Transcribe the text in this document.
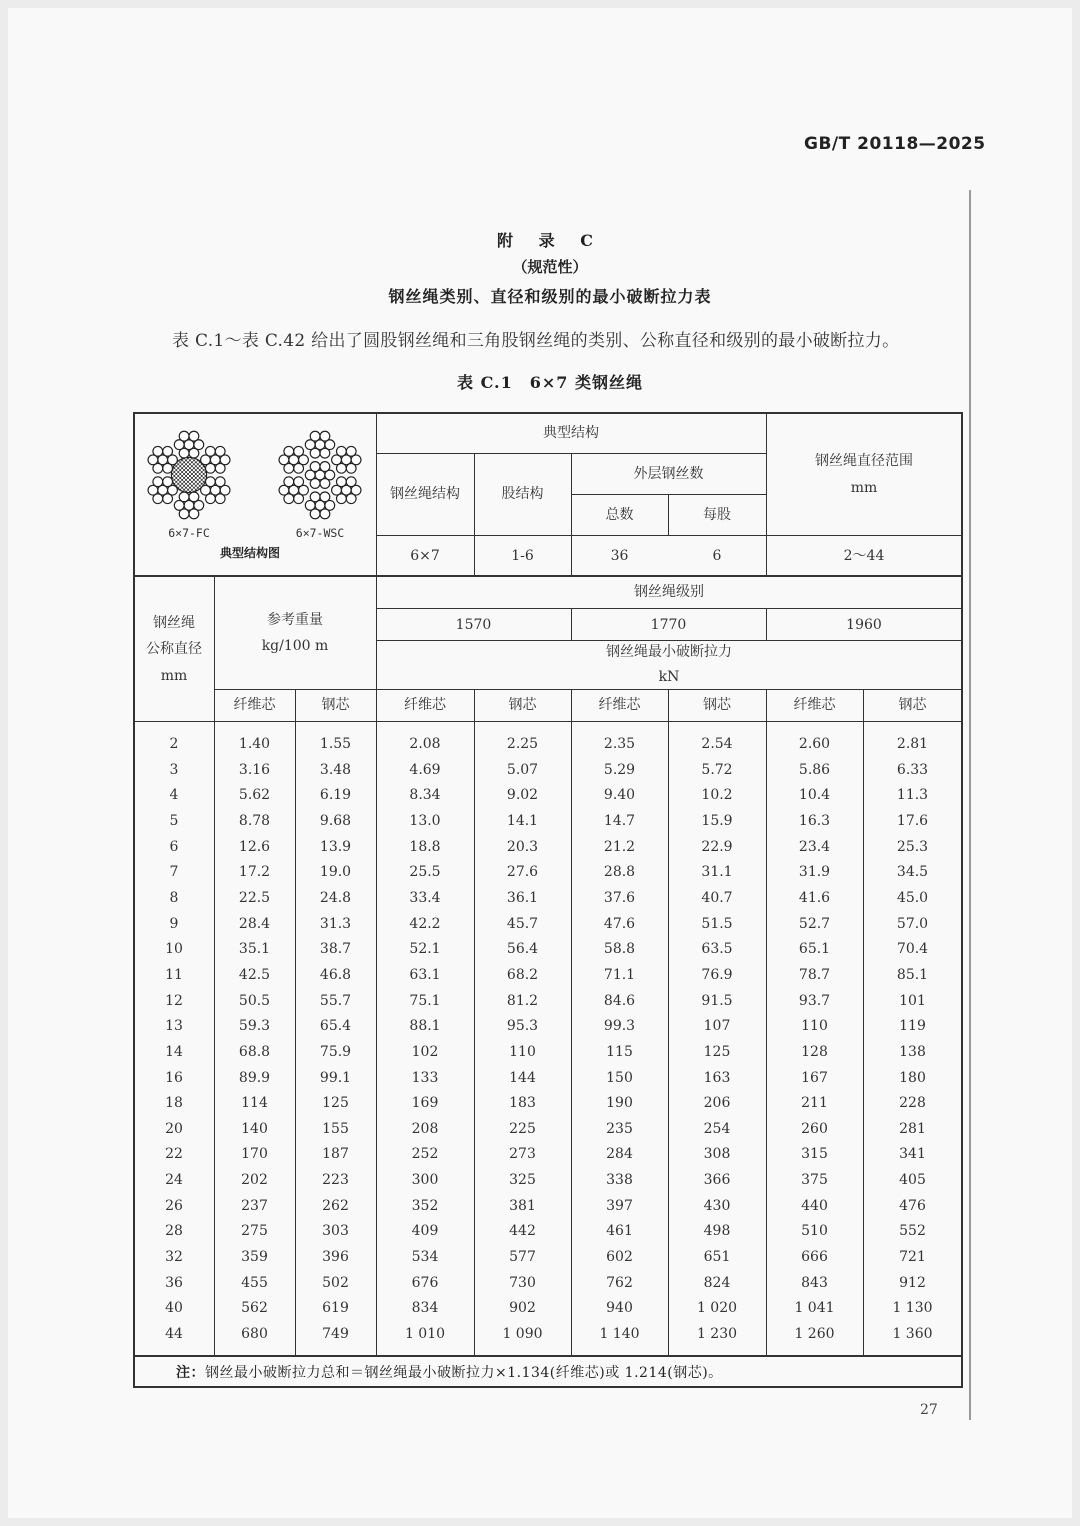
GB/T 20118—2025
附 录 C
（规范性）
钢丝绳类别、直径和级别的最小破断拉力表
表 C.1～表 C.42 给出了圆股钢丝绳和三角股钢丝绳的类别、公称直径和级别的最小破断拉力。
表 C.1　6×7 类钢丝绳
6×7-FC	6×7-WSC
典型结构图
典型结构
钢丝绳结构	股结构
外层钢丝数
总数	每股
钢丝绳直径范围
mm
6×7	1-6	36	6	2～44
钢丝绳
公称直径
mm
参考重量
kg/100 m
钢丝绳级别
1570	1770	1960
钢丝绳最小破断拉力
kN
纤维芯	钢芯	纤维芯	钢芯	纤维芯	钢芯	纤维芯	钢芯
2	1.40	1.55	2.08	2.25	2.35	2.54	2.60	2.81
3	3.16	3.48	4.69	5.07	5.29	5.72	5.86	6.33
4	5.62	6.19	8.34	9.02	9.40	10.2	10.4	11.3
5	8.78	9.68	13.0	14.1	14.7	15.9	16.3	17.6
6	12.6	13.9	18.8	20.3	21.2	22.9	23.4	25.3
7	17.2	19.0	25.5	27.6	28.8	31.1	31.9	34.5
8	22.5	24.8	33.4	36.1	37.6	40.7	41.6	45.0
9	28.4	31.3	42.2	45.7	47.6	51.5	52.7	57.0
10	35.1	38.7	52.1	56.4	58.8	63.5	65.1	70.4
11	42.5	46.8	63.1	68.2	71.1	76.9	78.7	85.1
12	50.5	55.7	75.1	81.2	84.6	91.5	93.7	101
13	59.3	65.4	88.1	95.3	99.3	107	110	119
14	68.8	75.9	102	110	115	125	128	138
16	89.9	99.1	133	144	150	163	167	180
18	114	125	169	183	190	206	211	228
20	140	155	208	225	235	254	260	281
22	170	187	252	273	284	308	315	341
24	202	223	300	325	338	366	375	405
26	237	262	352	381	397	430	440	476
28	275	303	409	442	461	498	510	552
32	359	396	534	577	602	651	666	721
36	455	502	676	730	762	824	843	912
40	562	619	834	902	940	1 020	1 041	1 130
44	680	749	1 010	1 090	1 140	1 230	1 260	1 360
注：钢丝最小破断拉力总和＝钢丝绳最小破断拉力×1.134(纤维芯)或 1.214(钢芯)。
27
